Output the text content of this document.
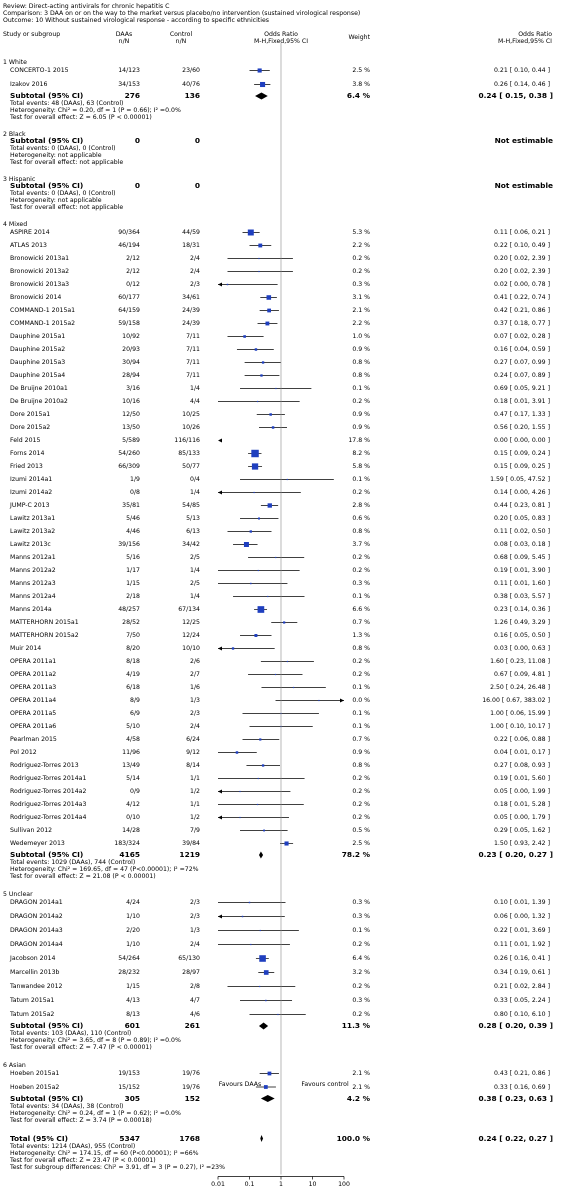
Review: Direct-acting antivirals for chronic hepatitis C
Comparison: 3 DAA on or on the way to the market versus placebo/no intervention (sustained virological response)
Outcome: 10 Without sustained virological response - according to specific ethnicities
Study or subgroup	DAAs
n/N
Control
n/N
Odds Ratio
M-H,Fixed,95% CI
Weight	Odds Ratio
M-H,Fixed,95% CI
1 White
CONCERTO-1 2015	14/123	23/60	2.5 %	0.21 [ 0.10, 0.44 ]
Izakov 2016	34/153	40/76	3.8 %	0.26 [ 0.14, 0.46 ]
Subtotal (95% CI)	276	136	6.4 %	0.24 [ 0.15, 0.38 ]
Total events: 48 (DAAs), 63 (Control)
Heterogeneity: Chi² = 0.20, df = 1 (P = 0.66); I² =0.0%
Test for overall effect: Z = 6.05 (P < 0.00001)
2 Black
Subtotal (95% CI)	0	0	Not estimable
Total events: 0 (DAAs), 0 (Control)
Heterogeneity: not applicable
Test for overall effect: not applicable
3 Hispanic
Subtotal (95% CI)	0	0	Not estimable
Total events: 0 (DAAs), 0 (Control)
Heterogeneity: not applicable
Test for overall effect: not applicable
4 Mixed
ASPIRE 2014	90/364	44/59	5.3 %	0.11 [ 0.06, 0.21 ]
ATLAS 2013	46/194	18/31	2.2 %	0.22 [ 0.10, 0.49 ]
Bronowicki 2013a1	2/12	2/4	0.2 %	0.20 [ 0.02, 2.39 ]
Bronowicki 2013a2	2/12	2/4	0.2 %	0.20 [ 0.02, 2.39 ]
Bronowicki 2013a3	0/12	2/3	0.3 %	0.02 [ 0.00, 0.78 ]
Bronowicki 2014	60/177	34/61	3.1 %	0.41 [ 0.22, 0.74 ]
COMMAND-1 2015a1	64/159	24/39	2.1 %	0.42 [ 0.21, 0.86 ]
COMMAND-1 2015a2	59/158	24/39	2.2 %	0.37 [ 0.18, 0.77 ]
Dauphine 2015a1	10/92	7/11	1.0 %	0.07 [ 0.02, 0.28 ]
Dauphine 2015a2	20/93	7/11	0.9 %	0.16 [ 0.04, 0.59 ]
Dauphine 2015a3	30/94	7/11	0.8 %	0.27 [ 0.07, 0.99 ]
Dauphine 2015a4	28/94	7/11	0.8 %	0.24 [ 0.07, 0.89 ]
De Bruijne 2010a1	3/16	1/4	0.1 %	0.69 [ 0.05, 9.21 ]
De Bruijne 2010a2	10/16	4/4	0.2 %	0.18 [ 0.01, 3.91 ]
Dore 2015a1	12/50	10/25	0.9 %	0.47 [ 0.17, 1.33 ]
Dore 2015a2	13/50	10/26	0.9 %	0.56 [ 0.20, 1.55 ]
Feld 2015	5/589	116/116	17.8 %	0.00 [ 0.00, 0.00 ]
Forns 2014	54/260	85/133	8.2 %	0.15 [ 0.09, 0.24 ]
Fried 2013	66/309	50/77	5.8 %	0.15 [ 0.09, 0.25 ]
Izumi 2014a1	1/9	0/4	0.1 %	1.59 [ 0.05, 47.52 ]
Izumi 2014a2	0/8	1/4	0.2 %	0.14 [ 0.00, 4.26 ]
JUMP-C 2013	35/81	54/85	2.8 %	0.44 [ 0.23, 0.81 ]
Lawitz 2013a1	5/46	5/13	0.6 %	0.20 [ 0.05, 0.83 ]
Lawitz 2013a2	4/46	6/13	0.8 %	0.11 [ 0.02, 0.50 ]
Lawitz 2013c	39/156	34/42	3.7 %	0.08 [ 0.03, 0.18 ]
Manns 2012a1	5/16	2/5	0.2 %	0.68 [ 0.09, 5.45 ]
Manns 2012a2	1/17	1/4	0.2 %	0.19 [ 0.01, 3.90 ]
Manns 2012a3	1/15	2/5	0.3 %	0.11 [ 0.01, 1.60 ]
Manns 2012a4	2/18	1/4	0.1 %	0.38 [ 0.03, 5.57 ]
Manns 2014a	48/257	67/134	6.6 %	0.23 [ 0.14, 0.36 ]
MATTERHORN 2015a1	28/52	12/25	0.7 %	1.26 [ 0.49, 3.29 ]
MATTERHORN 2015a2	7/50	12/24	1.3 %	0.16 [ 0.05, 0.50 ]
Muir 2014	8/20	10/10	0.8 %	0.03 [ 0.00, 0.63 ]
OPERA 2011a1	8/18	2/6	0.2 %	1.60 [ 0.23, 11.08 ]
OPERA 2011a2	4/19	2/7	0.2 %	0.67 [ 0.09, 4.81 ]
OPERA 2011a3	6/18	1/6	0.1 %	2.50 [ 0.24, 26.48 ]
OPERA 2011a4	8/9	1/3	0.0 %	16.00 [ 0.67, 383.02 ]
OPERA 2011a5	6/9	2/3	0.1 %	1.00 [ 0.06, 15.99 ]
OPERA 2011a6	5/10	2/4	0.1 %	1.00 [ 0.10, 10.17 ]
Pearlman 2015	4/58	6/24	0.7 %	0.22 [ 0.06, 0.88 ]
Pol 2012	11/96	9/12	0.9 %	0.04 [ 0.01, 0.17 ]
Rodriguez-Torres 2013	13/49	8/14	0.8 %	0.27 [ 0.08, 0.93 ]
Rodriguez-Torres 2014a1	5/14	1/1	0.2 %	0.19 [ 0.01, 5.60 ]
Rodriguez-Torres 2014a2	0/9	1/2	0.2 %	0.05 [ 0.00, 1.99 ]
Rodriguez-Torres 2014a3	4/12	1/1	0.2 %	0.18 [ 0.01, 5.28 ]
Rodriguez-Torres 2014a4	0/10	1/2	0.2 %	0.05 [ 0.00, 1.79 ]
Sullivan 2012	14/28	7/9	0.5 %	0.29 [ 0.05, 1.62 ]
Wedemeyer 2013	183/324	39/84	2.5 %	1.50 [ 0.93, 2.42 ]
Subtotal (95% CI)	4165	1219	78.2 %	0.23 [ 0.20, 0.27 ]
Total events: 1029 (DAAs), 744 (Control)
Heterogeneity: Chi² = 169.65, df = 47 (P<0.00001); I² =72%
Test for overall effect: Z = 21.08 (P < 0.00001)
5 Unclear
DRAGON 2014a1	4/24	2/3	0.3 %	0.10 [ 0.01, 1.39 ]
DRAGON 2014a2	1/10	2/3	0.3 %	0.06 [ 0.00, 1.32 ]
DRAGON 2014a3	2/20	1/3	0.1 %	0.22 [ 0.01, 3.69 ]
DRAGON 2014a4	1/10	2/4	0.2 %	0.11 [ 0.01, 1.92 ]
Jacobson 2014	54/264	65/130	6.4 %	0.26 [ 0.16, 0.41 ]
Marcellin 2013b	28/232	28/97	3.2 %	0.34 [ 0.19, 0.61 ]
Tanwandee 2012	1/15	2/8	0.2 %	0.21 [ 0.02, 2.84 ]
Tatum 2015a1	4/13	4/7	0.3 %	0.33 [ 0.05, 2.24 ]
Tatum 2015a2	8/13	4/6	0.2 %	0.80 [ 0.10, 6.10 ]
Subtotal (95% CI)	601	261	11.3 %	0.28 [ 0.20, 0.39 ]
Total events: 103 (DAAs), 110 (Control)
Heterogeneity: Chi² = 3.65, df = 8 (P = 0.89); I² =0.0%
Test for overall effect: Z = 7.47 (P < 0.00001)
6 Asian
Hoeben 2015a1	19/153	19/76	2.1 %	0.43 [ 0.21, 0.86 ]
Hoeben 2015a2	15/152	19/76	2.1 %	0.33 [ 0.16, 0.69 ]
Subtotal (95% CI)	305	152	4.2 %	0.38 [ 0.23, 0.63 ]
Total events: 34 (DAAs), 38 (Control)
Heterogeneity: Chi² = 0.24, df = 1 (P = 0.62); I² =0.0%
Test for overall effect: Z = 3.74 (P = 0.00018)
Total (95% CI)	5347	1768	100.0 %	0.24 [ 0.22, 0.27 ]
Total events: 1214 (DAAs), 955 (Control)
Heterogeneity: Chi² = 174.15, df = 60 (P<0.00001); I² =66%
Test for overall effect: Z = 23.47 (P < 0.00001)
Test for subgroup differences: Chi² = 3.91, df = 3 (P = 0.27), I² =23%
0.01	0.1	1	10	100
Favours DAAs	Favours control
